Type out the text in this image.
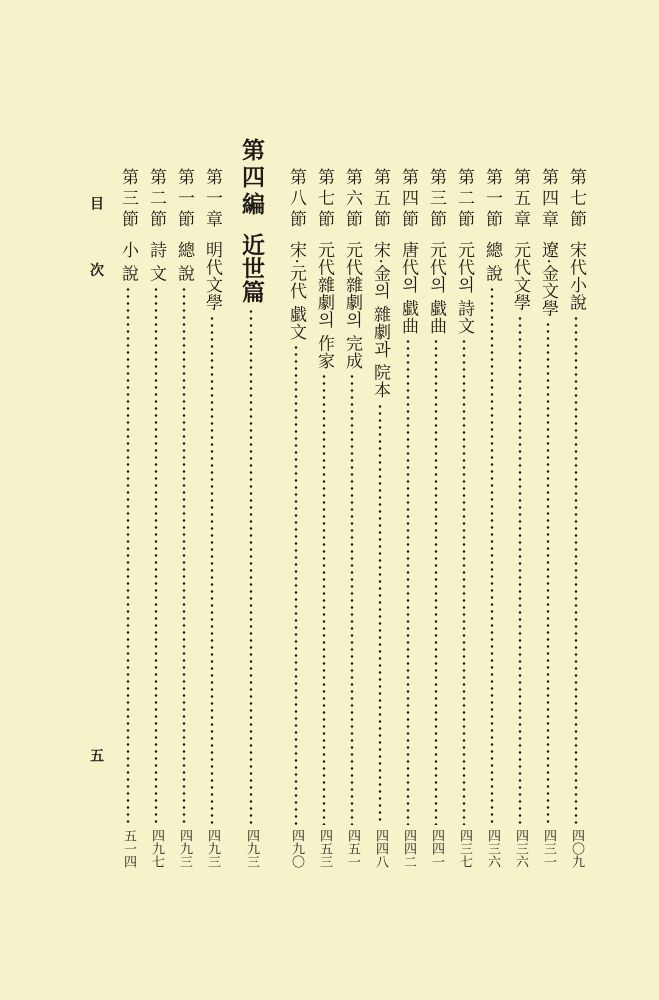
第七節
宋代小說
四〇九
第四章
遼·金文學
四三一
第五章
元代文學
四三六
第一節
總 說
四三六
第二節
元代의 詩文
四三七
第三節
元代의 戱曲
四四一
第四節
唐代의 戱曲
四四二
第五節
宋·金의 雜劇과 院本
四四八
第六節
元代雜劇의 完成
四五一
第七節
元代雜劇의 作家
四五三
第八節
宋·元代 戱文
四九〇
第四編
近世篇
四九三
第一章
明代文學
四九三
第一節
總 說
四九三
第二節
詩 文
四九七
第三節
小 說
五一四
目 次
五
